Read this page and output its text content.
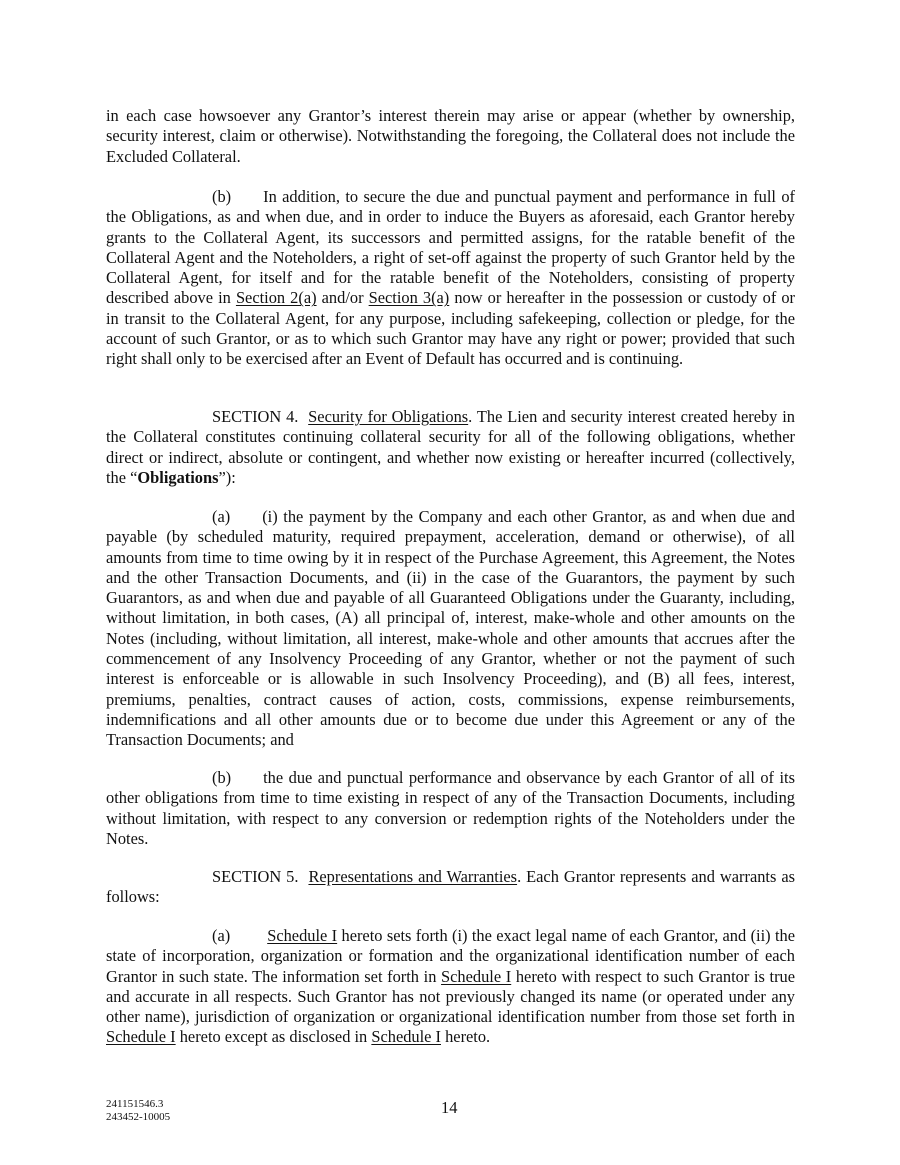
in each case howsoever any Grantor’s interest therein may arise or appear (whether by ownership, security interest, claim or otherwise). Notwithstanding the foregoing, the Collateral does not include the Excluded Collateral.

(b) In addition, to secure the due and punctual payment and performance in full of the Obligations, as and when due, and in order to induce the Buyers as aforesaid, each Grantor hereby grants to the Collateral Agent, its successors and permitted assigns, for the ratable benefit of the Collateral Agent and the Noteholders, a right of set-off against the property of such Grantor held by the Collateral Agent, for itself and for the ratable benefit of the Noteholders, consisting of property described above in Section 2(a) and/or Section 3(a) now or hereafter in the possession or custody of or in transit to the Collateral Agent, for any purpose, including safekeeping, collection or pledge, for the account of such Grantor, or as to which such Grantor may have any right or power; provided that such right shall only to be exercised after an Event of Default has occurred and is continuing.

SECTION 4. Security for Obligations. The Lien and security interest created hereby in the Collateral constitutes continuing collateral security for all of the following obligations, whether direct or indirect, absolute or contingent, and whether now existing or hereafter incurred (collectively, the “Obligations”):

(a) (i) the payment by the Company and each other Grantor, as and when due and payable (by scheduled maturity, required prepayment, acceleration, demand or otherwise), of all amounts from time to time owing by it in respect of the Purchase Agreement, this Agreement, the Notes and the other Transaction Documents, and (ii) in the case of the Guarantors, the payment by such Guarantors, as and when due and payable of all Guaranteed Obligations under the Guaranty, including, without limitation, in both cases, (A) all principal of, interest, make-whole and other amounts on the Notes (including, without limitation, all interest, make-whole and other amounts that accrues after the commencement of any Insolvency Proceeding of any Grantor, whether or not the payment of such interest is enforceable or is allowable in such Insolvency Proceeding), and (B) all fees, interest, premiums, penalties, contract causes of action, costs, commissions, expense reimbursements, indemnifications and all other amounts due or to become due under this Agreement or any of the Transaction Documents; and

(b) the due and punctual performance and observance by each Grantor of all of its other obligations from time to time existing in respect of any of the Transaction Documents, including without limitation, with respect to any conversion or redemption rights of the Noteholders under the Notes.

SECTION 5. Representations and Warranties. Each Grantor represents and warrants as follows:

(a) Schedule I hereto sets forth (i) the exact legal name of each Grantor, and (ii) the state of incorporation, organization or formation and the organizational identification number of each Grantor in such state. The information set forth in Schedule I hereto with respect to such Grantor is true and accurate in all respects. Such Grantor has not previously changed its name (or operated under any other name), jurisdiction of organization or organizational identification number from those set forth in Schedule I hereto except as disclosed in Schedule I hereto.

241151546.3
243452-10005	14
